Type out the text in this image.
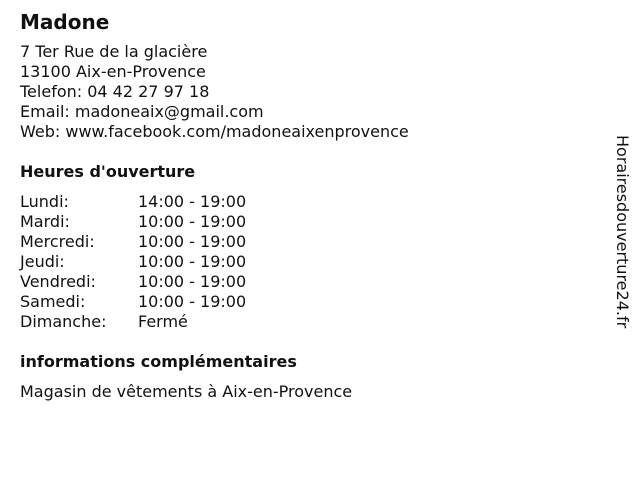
Madone
7 Ter Rue de la glacière
13100 Aix-en-Provence
Telefon: 04 42 27 97 18
Email: madoneaix@gmail.com
Web: www.facebook.com/madoneaixenprovence
Heures d'ouverture
Lundi:	14:00 - 19:00
Mardi:	10:00 - 19:00
Mercredi:	10:00 - 19:00
Jeudi:	10:00 - 19:00
Vendredi:	10:00 - 19:00
Samedi:	10:00 - 19:00
Dimanche:	Fermé
informations complémentaires
Magasin de vêtements à Aix-en-Provence
Horairesdouverture24.fr
